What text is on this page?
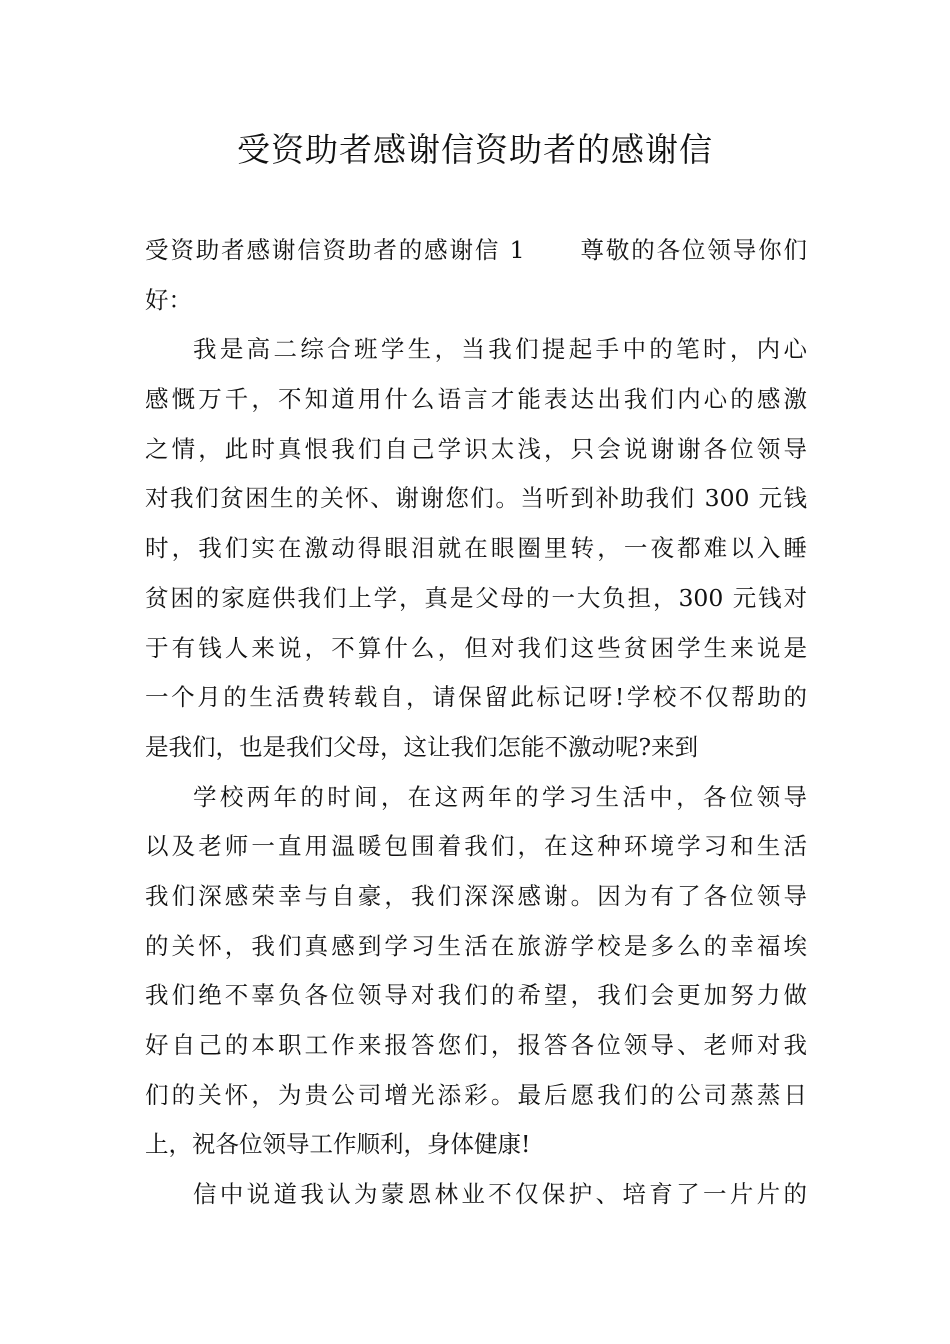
受资助者感谢信资助者的感谢信
受资助者感谢信资助者的感谢信 1 尊敬的各位领导你们
好：
我是高二综合班学生，当我们提起手中的笔时，内心
感慨万千，不知道用什么语言才能表达出我们内心的感激
之情，此时真恨我们自己学识太浅，只会说谢谢各位领导
对我们贫困生的关怀、谢谢您们。当听到补助我们 300 元钱
时，我们实在激动得眼泪就在眼圈里转，一夜都难以入睡
贫困的家庭供我们上学，真是父母的一大负担，300 元钱对
于有钱人来说，不算什么，但对我们这些贫困学生来说是
一个月的生活费转载自，请保留此标记呀!学校不仅帮助的
是我们，也是我们父母，这让我们怎能不激动呢?来到
学校两年的时间，在这两年的学习生活中，各位领导
以及老师一直用温暖包围着我们，在这种环境学习和生活
我们深感荣幸与自豪，我们深深感谢。因为有了各位领导
的关怀，我们真感到学习生活在旅游学校是多么的幸福埃
我们绝不辜负各位领导对我们的希望，我们会更加努力做
好自己的本职工作来报答您们，报答各位领导、老师对我
们的关怀，为贵公司增光添彩。最后愿我们的公司蒸蒸日
上，祝各位领导工作顺利，身体健康!
信中说道我认为蒙恩林业不仅保护、培育了一片片的
